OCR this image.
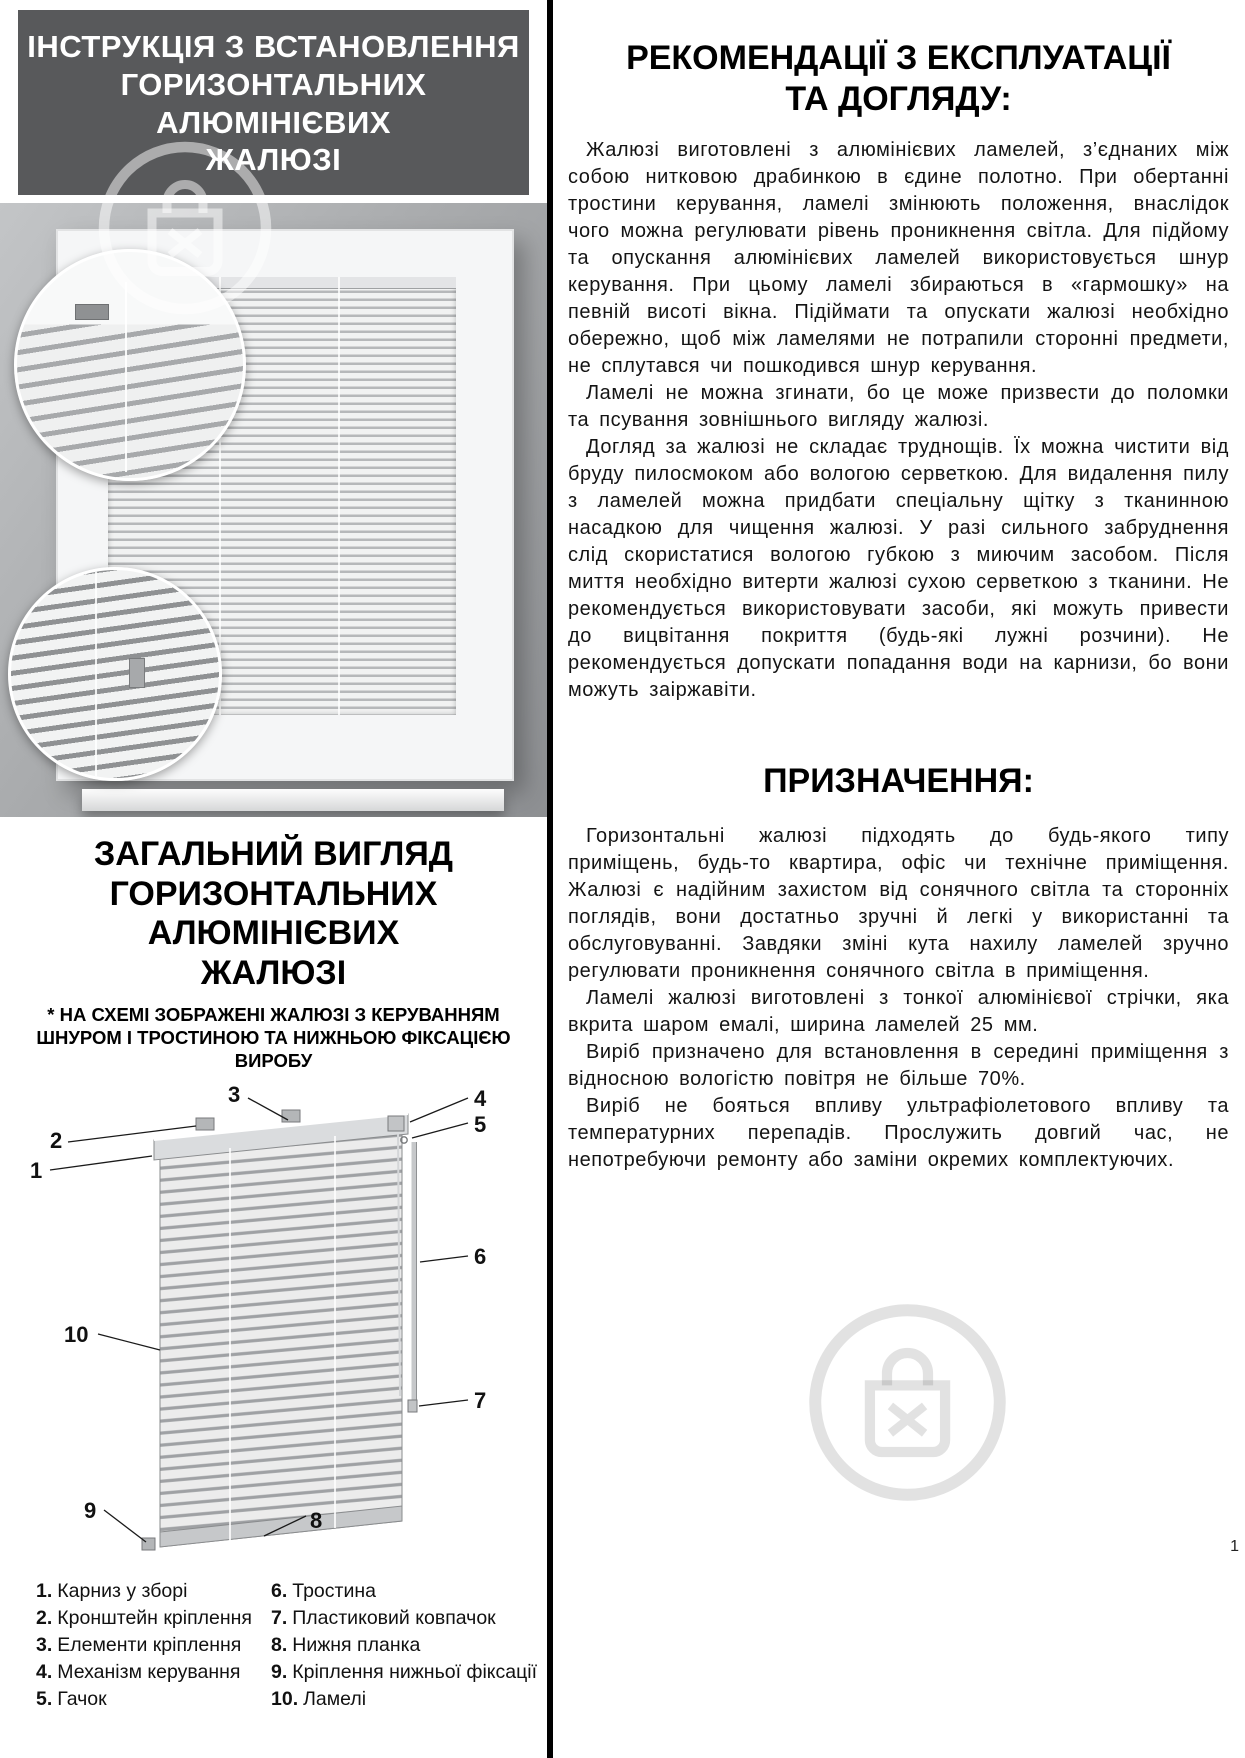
ІНСТРУКЦІЯ З ВСТАНОВЛЕННЯ
ГОРИЗОНТАЛЬНИХ АЛЮМІНІЄВИХ
ЖАЛЮЗІ
ЗАГАЛЬНИЙ ВИГЛЯД
ГОРИЗОНТАЛЬНИХ АЛЮМІНІЄВИХ
ЖАЛЮЗІ
* НА СХЕМІ ЗОБРАЖЕНІ ЖАЛЮЗІ З КЕРУВАННЯМ ШНУРОМ І ТРОСТИНОЮ ТА НИЖНЬОЮ ФІКСАЦІЄЮ ВИРОБУ
1
2
3	4
5
6
7
8
9
10
1. Карниз у зборі
2. Кронштейн кріплення
3. Елементи кріплення
4. Механізм керування
5. Гачок
6. Тростина
7. Пластиковий ковпачок
8. Нижня планка
9. Кріплення нижньої фіксації
10. Ламелі
РЕКОМЕНДАЦІЇ З ЕКСПЛУАТАЦІЇ
ТА ДОГЛЯДУ:

Жалюзі виготовлені з алюмінієвих ламелей, з’єднаних між собою нитковою драбинкою в єдине полотно. При обертанні тростини керування, ламелі змінюють положення, внаслідок чого можна регулювати рівень проникнення світла. Для підйому та опускання алюмінієвих ламелей використовується шнур керування. При цьому ламелі збираються в «гармошку» на певній висоті вікна. Підіймати та опускати жалюзі необхідно обережно, щоб між ламелями не потрапили сторонні предмети, не сплутався чи пошкодився шнур керування.

Ламелі не можна згинати, бо це може призвести до поломки та псування зовнішнього вигляду жалюзі.

Догляд за жалюзі не складає труднощів. Їх можна чистити від бруду пилосмоком або вологою серветкою. Для видалення пилу з ламелей можна придбати спеціальну щітку з тканинною насадкою для чищення жалюзі. У разі сильного забруднення слід скористатися вологою губкою з миючим засобом. Після миття необхідно витерти жалюзі сухою серветкою з тканини. Не рекомендується використовувати засоби, які можуть привести до вицвітання покриття (будь-які лужні розчини). Не рекомендується допускати попадання води на карнизи, бо вони можуть заіржавіти.

ПРИЗНАЧЕННЯ:

Горизонтальні жалюзі підходять до будь-якого типу приміщень, будь-то квартира, офіс чи технічне приміщення. Жалюзі є надійним захистом від сонячного світла та сторонніх поглядів, вони достатньо зручні й легкі у використанні та обслуговуванні. Завдяки зміні кута нахилу ламелей зручно регулювати проникнення сонячного світла в приміщення.

Ламелі жалюзі виготовлені з тонкої алюмінієвої стрічки, яка вкрита шаром емалі, ширина ламелей 25 мм.

Виріб призначено для встановлення в середині приміщення з відносною вологістю повітря не більше 70%.

Виріб не бояться впливу ультрафіолетового впливу та температурних перепадів. Прослужить довгий час, не непотребуючи ремонту або заміни окремих комплектуючих.

1
